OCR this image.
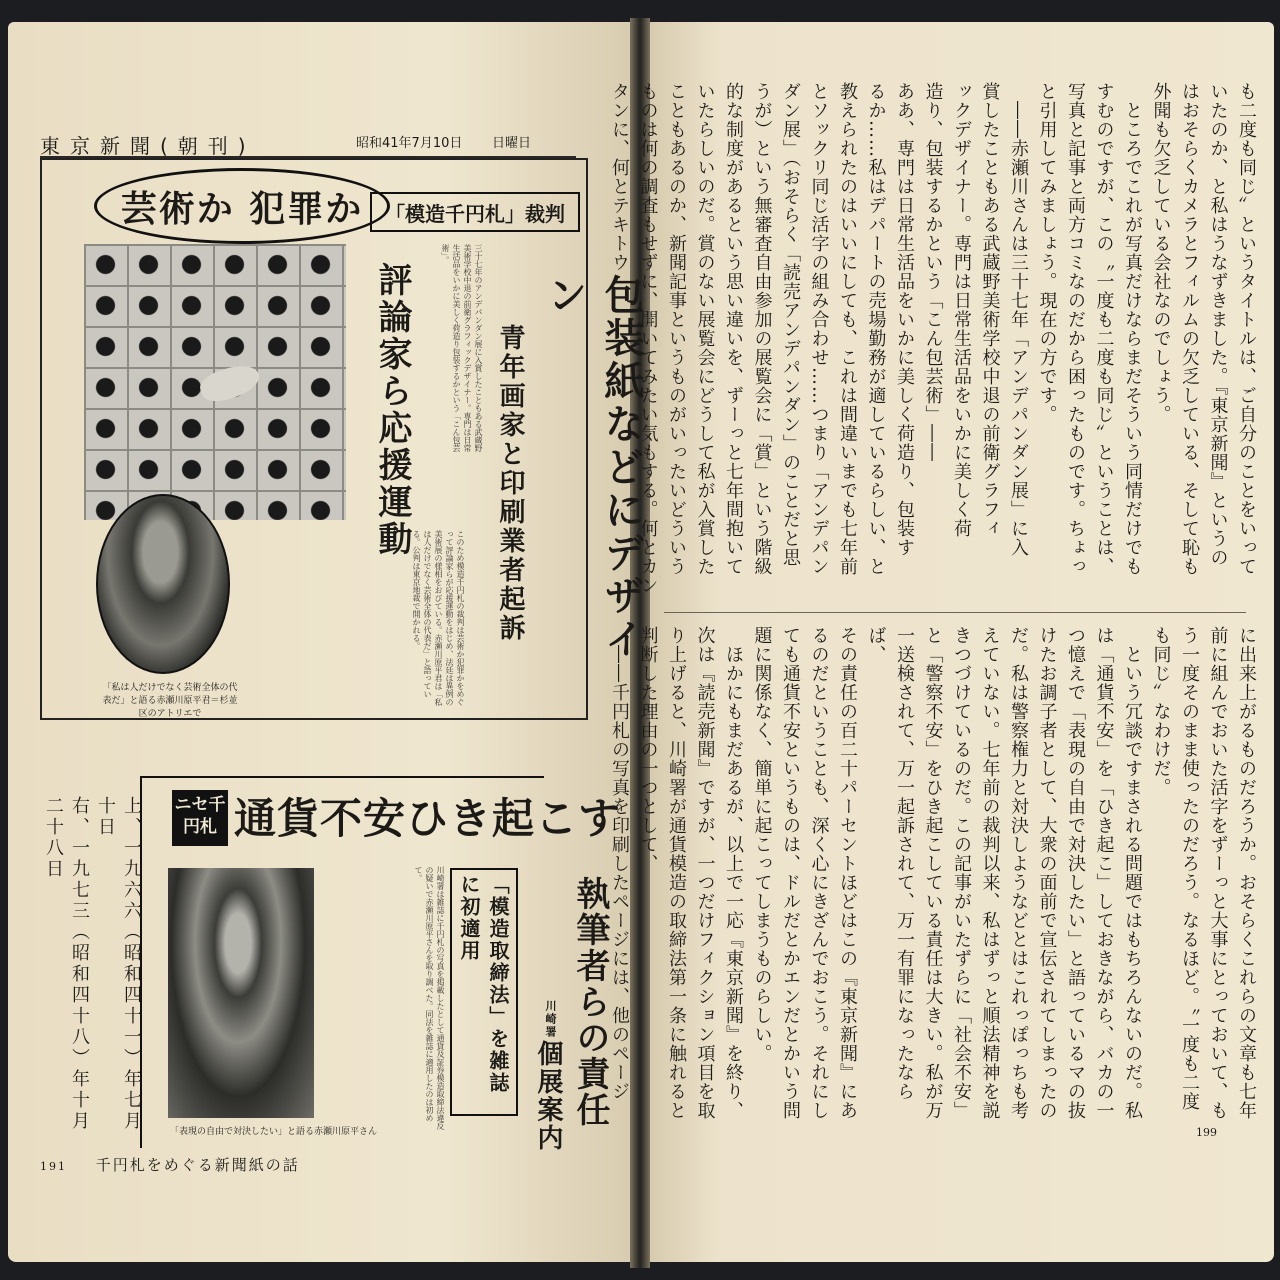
東京新聞(朝刊)	昭和41年7月10日 日曜日
芸術か 犯罪か	「模造千円札」裁判
「私は人だけでなく芸術全体の代表だ」と語る赤瀬川原平君＝杉並区のアトリエで
包装紙などにデザイン
青年画家と印刷業者起訴
評論家ら応援運動	三十七年のアンデパンダン展に入賞したこともある武蔵野美術学校中退の前衛グラフィックデザイナー。専門は日常生活品をいかに美しく荷造り包装するかという「こん包芸術」。
このため模造千円札の裁判は芸術か犯罪かをめぐって評論家らが応援運動をはじめ、法廷は異例の美術展の様相をおびている。赤瀬川原平君は「私は人だけでなく芸術全体の代表だ」と語っている。公判は東京地裁で開かれる。
ニセ千円札 通貨不安ひき起こす
「表現の自由で対決したい」と語る赤瀬川原平さん
川崎署は雑誌に千円札の写真を掲載したとして通貨及証券模造取締法違反の疑いで赤瀬川原平さんを取り調べた。同法を雑誌に適用したのは初めて。	「模造取締法」を雑誌に初適用	執筆者らの責任
川崎署
個展案内
上、一九六六（昭和四十一）年七月十日
右、一九七三（昭和四十八）年十月二十八日
191 千円札をめぐる新聞紙の話
も二度も同じ〟というタイトルは、ご自分のことをいって
いたのか、と私はうなずきました。『東京新聞』というの
はおそらくカメラとフィルムの欠乏している、そして恥も
外聞も欠乏している会社なのでしょう。
　ところでこれが写真だけならまだそういう同情だけでも
すむのですが、この〝一度も二度も同じ〟ということは、
写真と記事と両方コミなのだから困ったものです。ちょっ
と引用してみましょう。現在の方です。
　――赤瀬川さんは三十七年「アンデパンダン展」に入
賞したこともある武蔵野美術学校中退の前衛グラフィ
ックデザイナー。専門は日常生活品をいかに美しく荷
造り、包装するかという「こん包芸術」――
ああ、専門は日常生活品をいかに美しく荷造り、包装す
るか……私はデパートの売場勤務が適しているらしい、と
教えられたのはいいにしても、これは間違いまでも七年前
とソックリ同じ活字の組み合わせ……つまり「アンデパン
ダン展」（おそらく「読売アンデパンダン」のことだと思
うが）という無審査自由参加の展覧会に「賞」という階級
的な制度があるという思い違いを、ずーっと七年間抱いて
いたらしいのだ。賞のない展覧会にどうして私が入賞した
こともあるのか、新聞記事というものがいったいどういう
ものは何の調査もせずに、開いてみたい気もする。何とカンタンに、何とテキトウ
に出来上がるものだろうか。おそらくこれらの文章も七年
前に組んでおいた活字をずーっと大事にとっておいて、も
う一度そのまま使ったのだろう。なるほど。〝一度も二度
も同じ〟なわけだ。
　という冗談ですまされる問題ではもちろんないのだ。私
は「通貨不安」を「ひき起こ」しておきながら、バカの一
つ憶えで「表現の自由で対決したい」と語っているマの抜
けたお調子者として、大衆の面前で宣伝されてしまったの
だ。私は警察権力と対決しようなどとはこれっぽっちも考
えていない。七年前の裁判以来、私はずっと順法精神を説
きつづけているのだ。この記事がいたずらに「社会不安」
と「警察不安」をひき起こしている責任は大きい。私が万
一送検されて、万一起訴されて、万一有罪になったならば、
その責任の百二十パーセントほどはこの『東京新聞』にあ
るのだということも、深く心にきざんでおこう。それにし
ても通貨不安というものは、ドルだとかエンだとかいう問
題に関係なく、簡単に起こってしまうものらしい。
　ほかにもまだあるが、以上で一応『東京新聞』を終り、
次は『読売新聞』ですが、一つだけフィクション項目を取
り上げると、川崎署が通貨模造の取締法第一条に触れると
判断した理由の一つとして、
　――千円札の写真を印刷したページには、他のページ
199
